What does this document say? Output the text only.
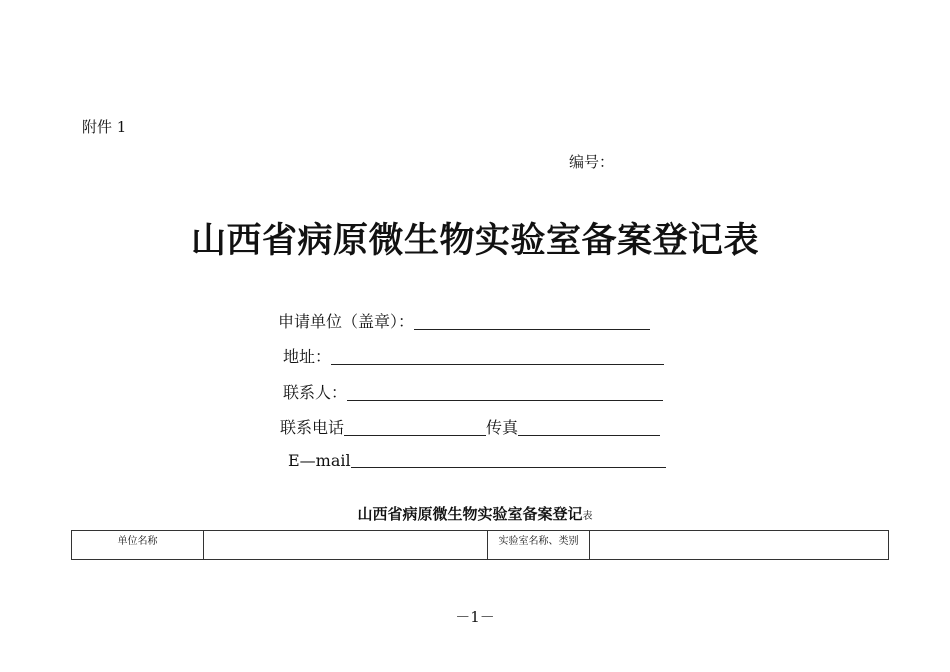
附件 1
编号：
山西省病原微生物实验室备案登记表
申请单位（盖章）：
地址：
联系人：
联系电话	传真
E—mail
山西省病原微生物实验室备案登记表
单位名称		实验室名称、类别	
－1－
